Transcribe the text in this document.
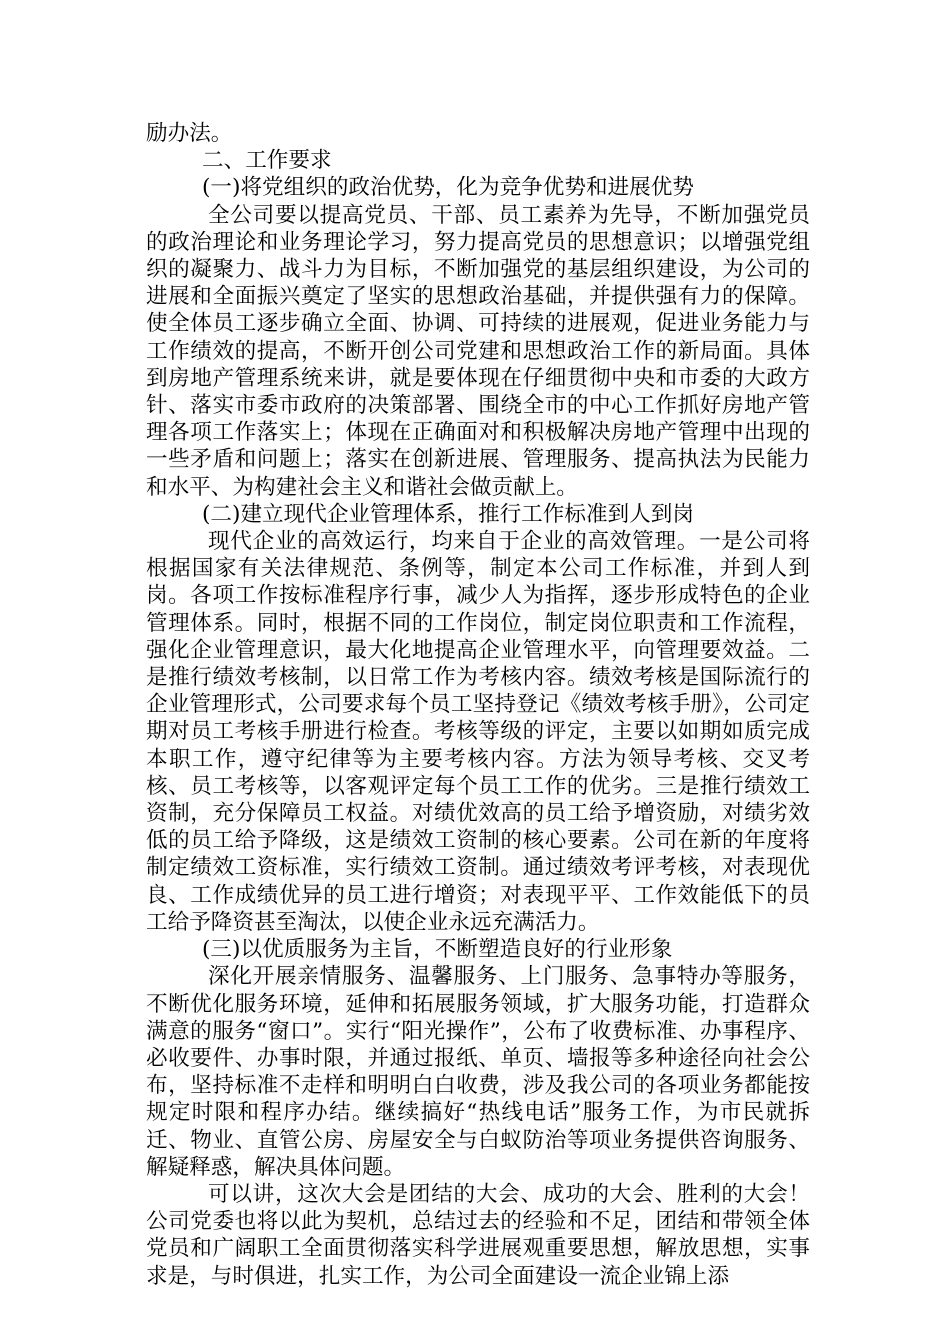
励办法。

二、工作要求

(一)将党组织的政治优势，化为竞争优势和进展优势

全公司要以提高党员、干部、员工素养为先导，不断加强党员的政治理论和业务理论学习，努力提高党员的思想意识；以增强党组织的凝聚力、战斗力为目标，不断加强党的基层组织建设，为公司的进展和全面振兴奠定了坚实的思想政治基础，并提供强有力的保障。使全体员工逐步确立全面、协调、可持续的进展观，促进业务能力与工作绩效的提高，不断开创公司党建和思想政治工作的新局面。具体到房地产管理系统来讲，就是要体现在仔细贯彻中央和市委的大政方针、落实市委市政府的决策部署、围绕全市的中心工作抓好房地产管理各项工作落实上；体现在正确面对和积极解决房地产管理中出现的一些矛盾和问题上；落实在创新进展、管理服务、提高执法为民能力和水平、为构建社会主义和谐社会做贡献上。

(二)建立现代企业管理体系，推行工作标准到人到岗

现代企业的高效运行，均来自于企业的高效管理。一是公司将根据国家有关法律规范、条例等，制定本公司工作标准，并到人到岗。各项工作按标准程序行事，减少人为指挥，逐步形成特色的企业管理体系。同时，根据不同的工作岗位，制定岗位职责和工作流程，强化企业管理意识，最大化地提高企业管理水平，向管理要效益。二是推行绩效考核制，以日常工作为考核内容。绩效考核是国际流行的企业管理形式，公司要求每个员工坚持登记《绩效考核手册》，公司定期对员工考核手册进行检查。考核等级的评定，主要以如期如质完成本职工作，遵守纪律等为主要考核内容。方法为领导考核、交叉考核、员工考核等，以客观评定每个员工工作的优劣。三是推行绩效工资制，充分保障员工权益。对绩优效高的员工给予增资励，对绩劣效低的员工给予降级，这是绩效工资制的核心要素。公司在新的年度将制定绩效工资标准，实行绩效工资制。通过绩效考评考核，对表现优良、工作成绩优异的员工进行增资；对表现平平、工作效能低下的员工给予降资甚至淘汰，以使企业永远充满活力。

(三)以优质服务为主旨，不断塑造良好的行业形象

深化开展亲情服务、温馨服务、上门服务、急事特办等服务，不断优化服务环境，延伸和拓展服务领域，扩大服务功能，打造群众满意的服务“窗口”。实行“阳光操作”，公布了收费标准、办事程序、必收要件、办事时限，并通过报纸、单页、墙报等多种途径向社会公布，坚持标准不走样和明明白白收费，涉及我公司的各项业务都能按规定时限和程序办结。继续搞好“热线电话”服务工作，为市民就拆迁、物业、直管公房、房屋安全与白蚁防治等项业务提供咨询服务、解疑释惑，解决具体问题。

可以讲，这次大会是团结的大会、成功的大会、胜利的大会！公司党委也将以此为契机，总结过去的经验和不足，团结和带领全体党员和广阔职工全面贯彻落实科学进展观重要思想，解放思想，实事求是，与时俱进，扎实工作，为公司全面建设一流企业锦上添
